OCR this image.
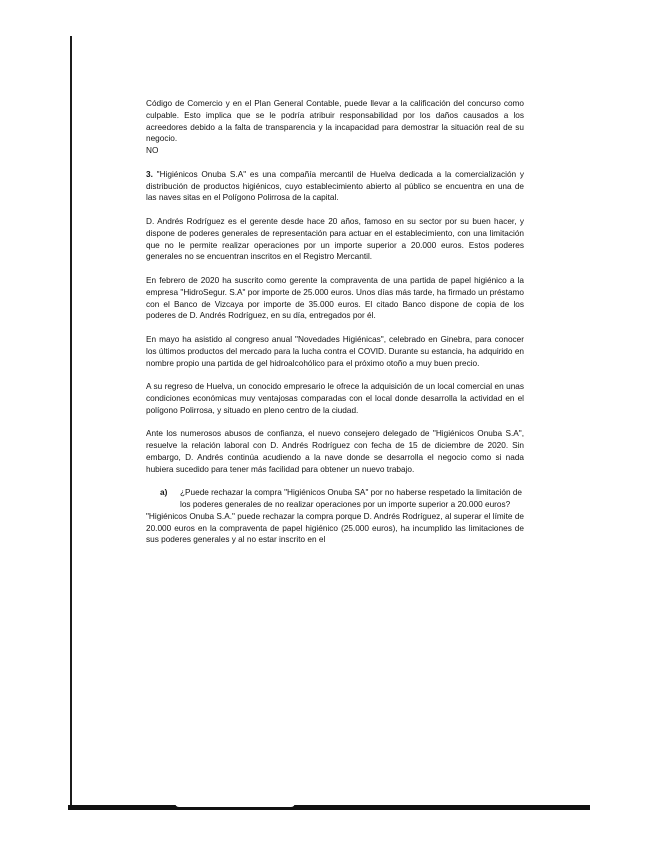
Código de Comercio y en el Plan General Contable, puede llevar a la calificación del concurso como culpable. Esto implica que se le podría atribuir responsabilidad por los daños causados a los acreedores debido a la falta de transparencia y la incapacidad para demostrar la situación real de su negocio.

NO

3. "Higiénicos Onuba S.A" es una compañía mercantil de Huelva dedicada a la comercialización y distribución de productos higiénicos, cuyo establecimiento abierto al público se encuentra en una de las naves sitas en el Polígono Polirrosa de la capital.

D. Andrés Rodríguez es el gerente desde hace 20 años, famoso en su sector por su buen hacer, y dispone de poderes generales de representación para actuar en el establecimiento, con una limitación que no le permite realizar operaciones por un importe superior a 20.000 euros. Estos poderes generales no se encuentran inscritos en el Registro Mercantil.

En febrero de 2020 ha suscrito como gerente la compraventa de una partida de papel higiénico a la empresa "HidroSegur. S.A" por importe de 25.000 euros. Unos días más tarde, ha firmado un préstamo con el Banco de Vizcaya por importe de 35.000 euros. El citado Banco dispone de copia de los poderes de D. Andrés Rodríguez, en su día, entregados por él.

En mayo ha asistido al congreso anual "Novedades Higiénicas", celebrado en Ginebra, para conocer los últimos productos del mercado para la lucha contra el COVID. Durante su estancia, ha adquirido en nombre propio una partida de gel hidroalcohólico para el próximo otoño a muy buen precio.

A su regreso de Huelva, un conocido empresario le ofrece la adquisición de un local comercial en unas condiciones económicas muy ventajosas comparadas con el local donde desarrolla la actividad en el polígono Polirrosa, y situado en pleno centro de la ciudad.

Ante los numerosos abusos de confianza, el nuevo consejero delegado de "Higiénicos Onuba S.A", resuelve la relación laboral con D. Andrés Rodríguez con fecha de 15 de diciembre de 2020. Sin embargo, D. Andrés continúa acudiendo a la nave donde se desarrolla el negocio como si nada hubiera sucedido para tener más facilidad para obtener un nuevo trabajo.

a)	¿Puede rechazar la compra "Higiénicos Onuba SA" por no haberse respetado la limitación de los poderes generales de no realizar operaciones por un importe superior a 20.000 euros?

"Higiénicos Onuba S.A." puede rechazar la compra porque D. Andrés Rodríguez, al superar el límite de 20.000 euros en la compraventa de papel higiénico (25.000 euros), ha incumplido las limitaciones de sus poderes generales y al no estar inscrito en el
